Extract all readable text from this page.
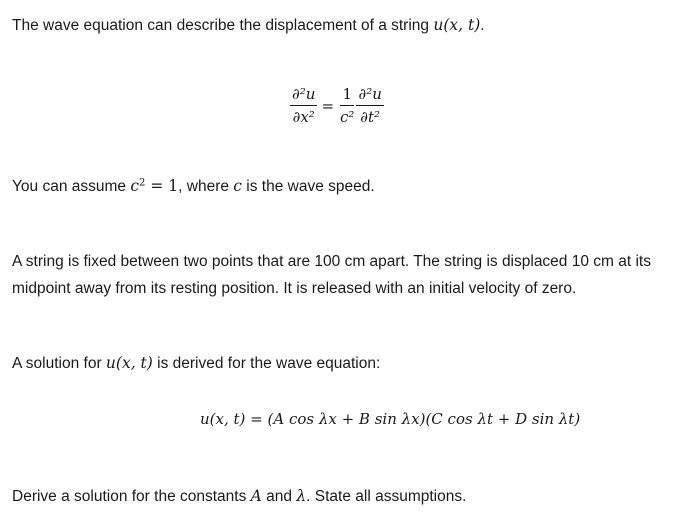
The wave equation can describe the displacement of a string u(x, t).
$\frac{\text{∂²u}}{\text{∂x²}} = \frac{1}{\text{c²}} \frac{\text{∂²u}}{\text{∂t²}}$
You can assume $c^2 = 1$, where c is the wave speed.
A string is fixed between two points that are 100 cm apart. The string is displaced 10 cm at its
midpoint away from its resting position. It is released with an initial velocity of zero.
A solution for u(x, t) is derived for the wave equation:
u(x, t) = (A cos λx + B sin λx)(C cos λt + D sin λt)
Derive a solution for the constants A and λ. State all assumptions.
